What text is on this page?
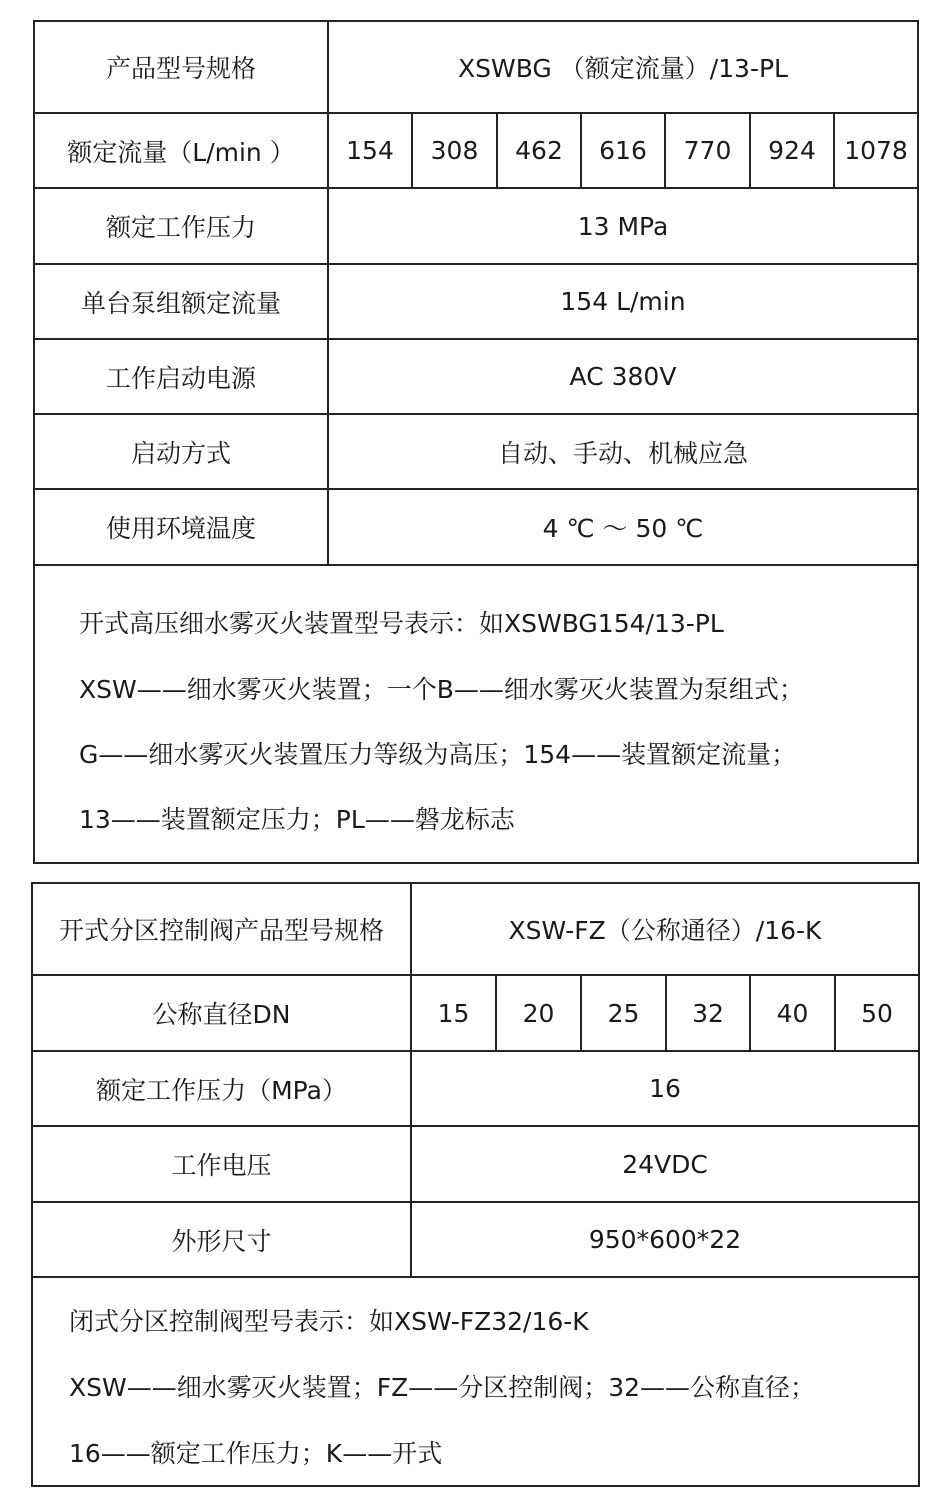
产品型号规格	XSWBG （额定流量）/13-PL
额定流量（L/min ）	154	308	462	616	770	924	1078
额定工作压力	13 MPa
单台泵组额定流量	154 L/min
工作启动电源	AC 380V
启动方式	自动、手动、机械应急
使用环境温度	4 ℃ ～ 50 ℃
开式高压细水雾灭火装置型号表示：如XSWBG154/13-PL
XSW——细水雾灭火装置；一个B——细水雾灭火装置为泵组式；
G——细水雾灭火装置压力等级为高压；154——装置额定流量；
13——装置额定压力；PL——磐龙标志
开式分区控制阀产品型号规格	XSW-FZ（公称通径）/16-K
公称直径DN	15	20	25	32	40	50
额定工作压力（MPa）	16
工作电压	24VDC
外形尺寸	950*600*22
闭式分区控制阀型号表示：如XSW-FZ32/16-K
XSW——细水雾灭火装置；FZ——分区控制阀；32——公称直径；
16——额定工作压力；K——开式
